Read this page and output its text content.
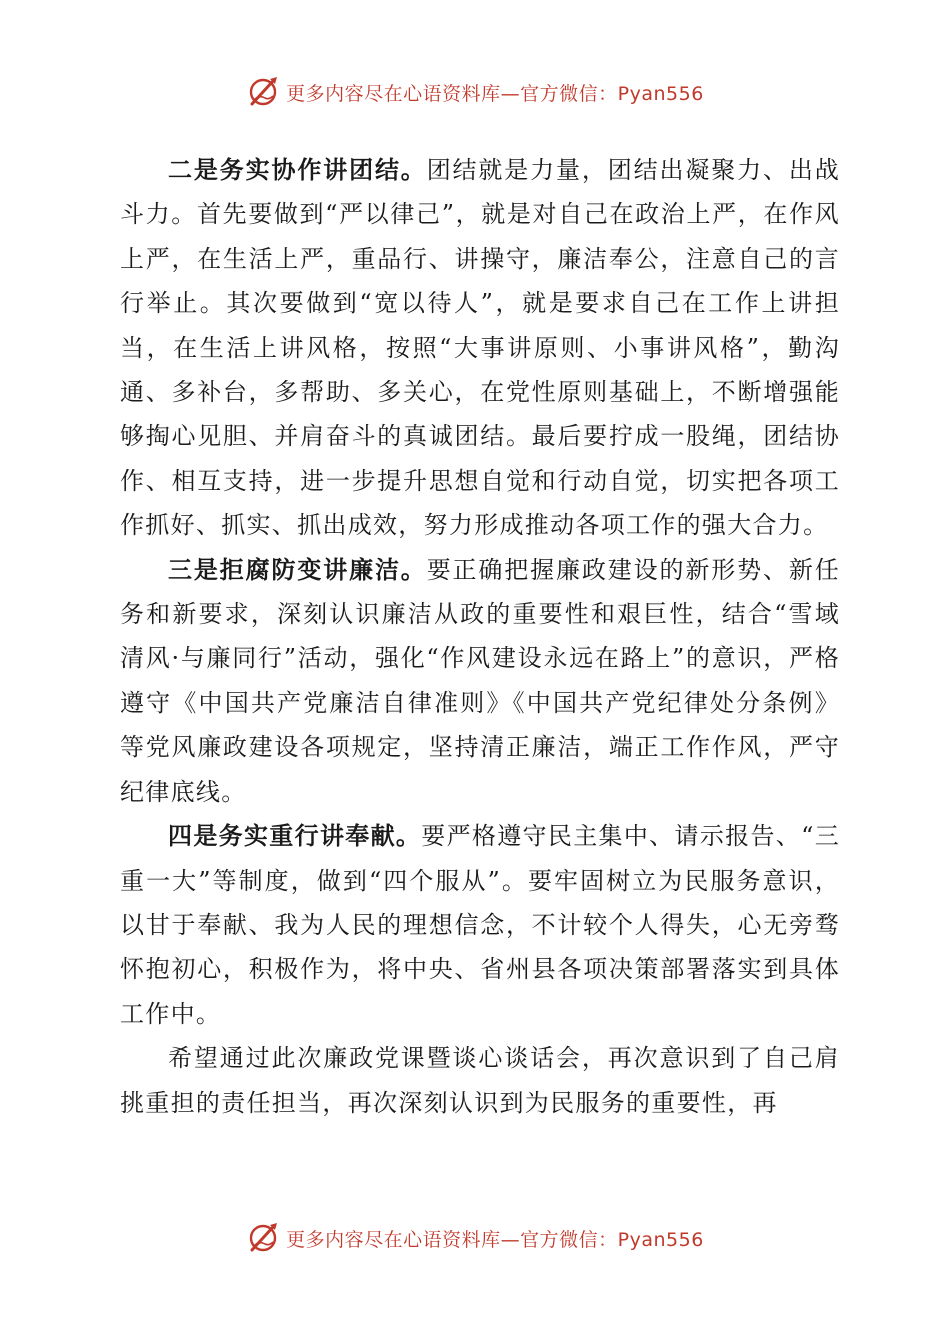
更多内容尽在心语资料库—官方微信：Pyan556

二是务实协作讲团结。团结就是力量，团结出凝聚力、出战斗力。首先要做到“严以律己”，就是对自己在政治上严，在作风上严，在生活上严，重品行、讲操守，廉洁奉公，注意自己的言行举止。其次要做到“宽以待人”，就是要求自己在工作上讲担当，在生活上讲风格，按照“大事讲原则、小事讲风格”，勤沟通、多补台，多帮助、多关心，在党性原则基础上，不断增强能够掏心见胆、并肩奋斗的真诚团结。最后要拧成一股绳，团结协作、相互支持，进一步提升思想自觉和行动自觉，切实把各项工作抓好、抓实、抓出成效，努力形成推动各项工作的强大合力。

三是拒腐防变讲廉洁。要正确把握廉政建设的新形势、新任务和新要求，深刻认识廉洁从政的重要性和艰巨性，结合“雪域清风·与廉同行”活动，强化“作风建设永远在路上”的意识，严格遵守《中国共产党廉洁自律准则》《中国共产党纪律处分条例》等党风廉政建设各项规定，坚持清正廉洁，端正工作作风，严守纪律底线。

四是务实重行讲奉献。要严格遵守民主集中、请示报告、“三重一大”等制度，做到“四个服从”。要牢固树立为民服务意识，以甘于奉献、我为人民的理想信念，不计较个人得失，心无旁骛怀抱初心，积极作为，将中央、省州县各项决策部署落实到具体工作中。

希望通过此次廉政党课暨谈心谈话会，再次意识到了自己肩挑重担的责任担当，再次深刻认识到为民服务的重要性，再

更多内容尽在心语资料库—官方微信：Pyan556
